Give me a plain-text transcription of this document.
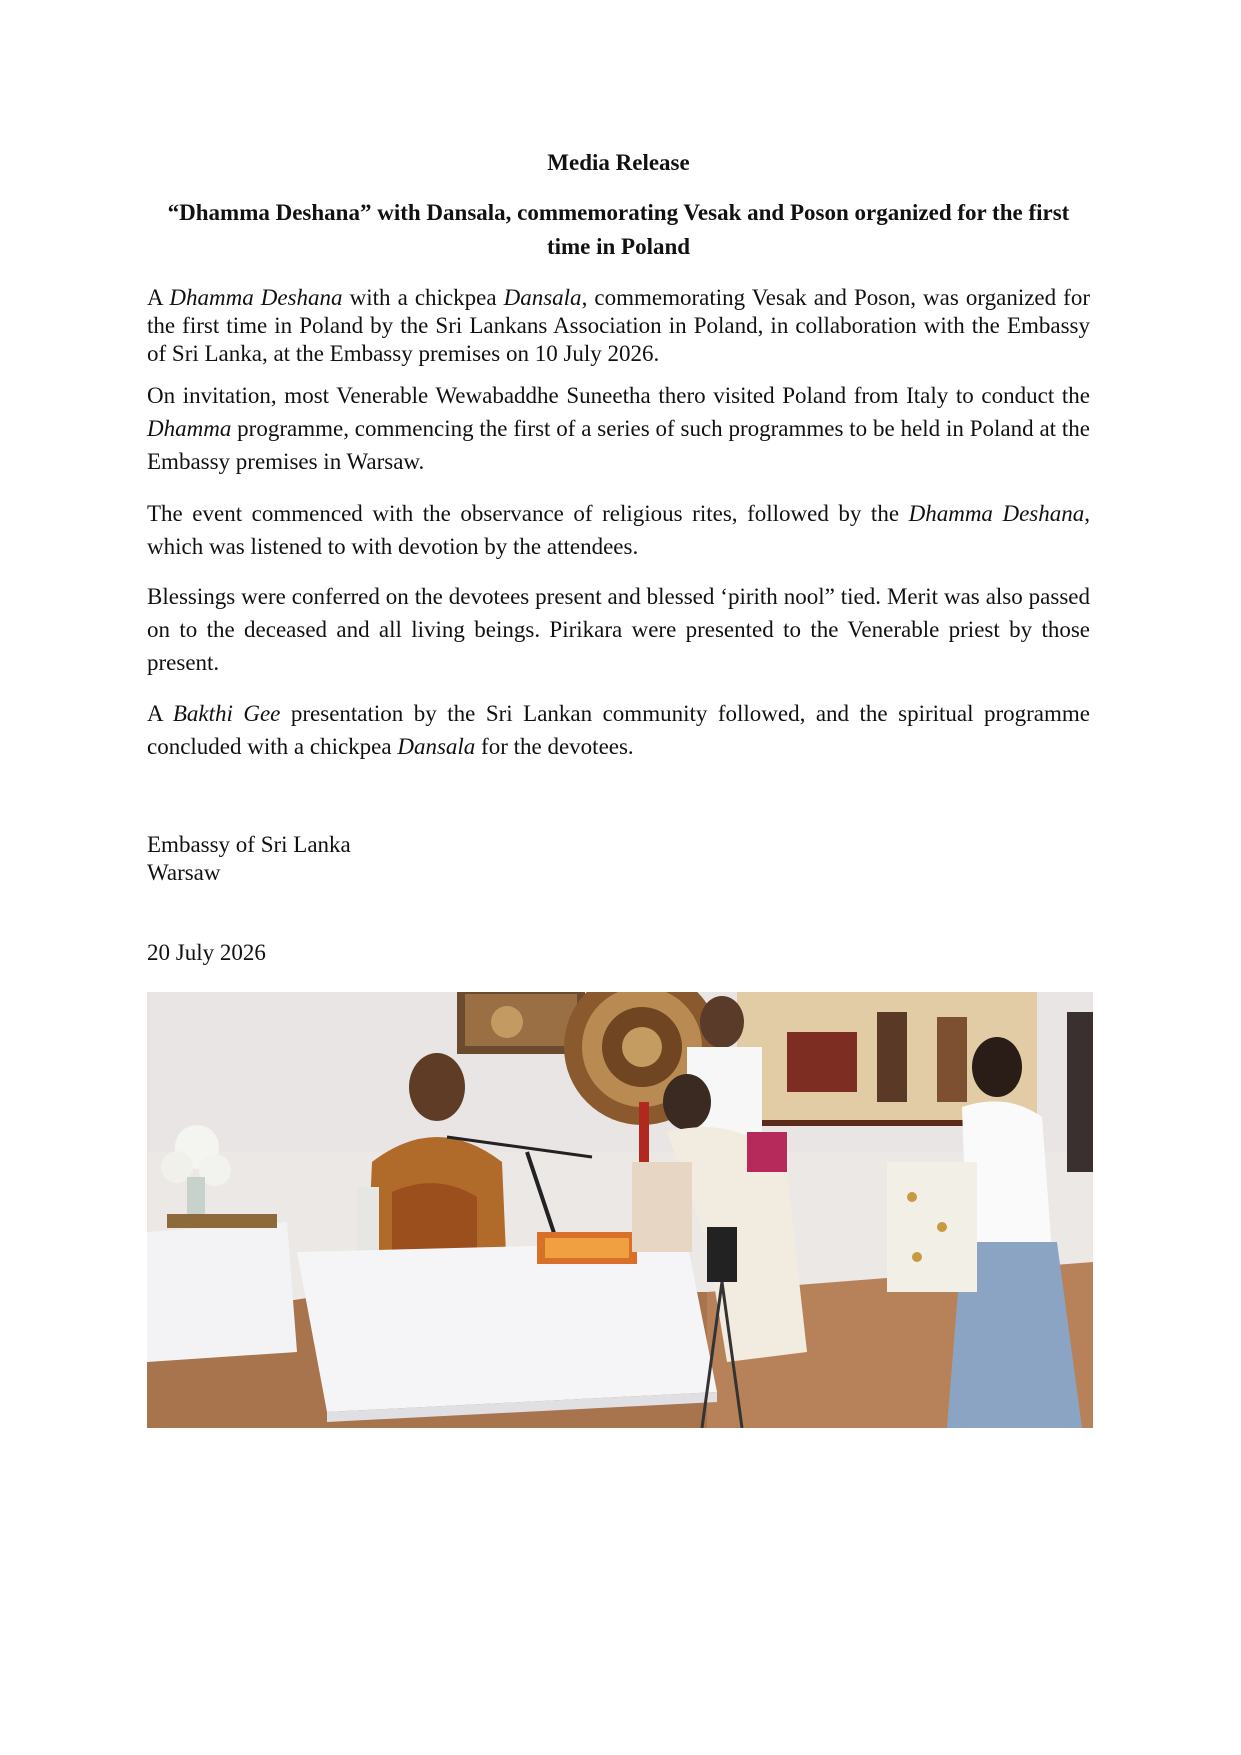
Media Release
“Dhamma Deshana” with Dansala, commemorating Vesak and Poson organized for the first time in Poland

A Dhamma Deshana with a chickpea Dansala, commemorating Vesak and Poson, was organized for the first time in Poland by the Sri Lankans Association in Poland, in collaboration with the Embassy of Sri Lanka, at the Embassy premises on 10 July 2026.

On invitation, most Venerable Wewabaddhe Suneetha thero visited Poland from Italy to conduct the Dhamma programme, commencing the first of a series of such programmes to be held in Poland at the Embassy premises in Warsaw.

The event commenced with the observance of religious rites, followed by the Dhamma Deshana, which was listened to with devotion by the attendees.

Blessings were conferred on the devotees present and blessed ‘pirith nool” tied. Merit was also passed on to the deceased and all living beings. Pirikara were presented to the Venerable priest by those present.

A Bakthi Gee presentation by the Sri Lankan community followed, and the spiritual programme concluded with a chickpea Dansala for the devotees.

Embassy of Sri Lanka

Warsaw

20 July 2026
